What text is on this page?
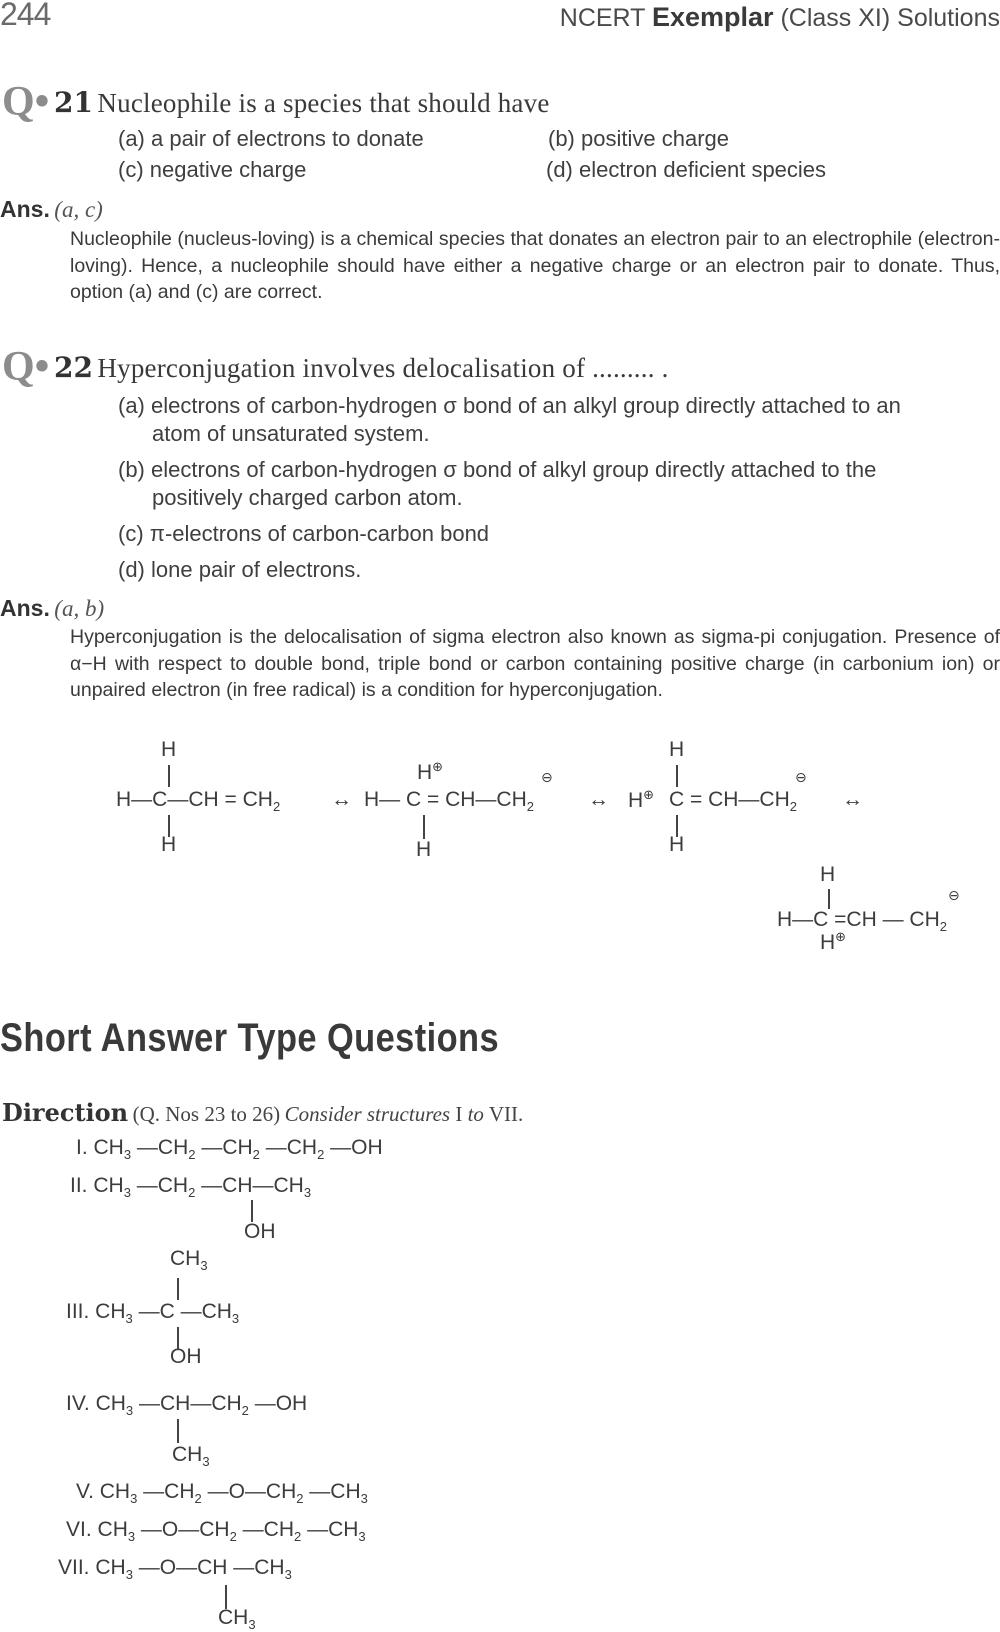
244	NCERT Exemplar (Class XI) Solutions
Q• 21 Nucleophile is a species that should have
(a) a pair of electrons to donate	(b) positive charge
(c) negative charge	(d) electron deficient species
Ans. (a, c)
Nucleophile (nucleus-loving) is a chemical species that donates an electron pair to an electrophile (electron-loving). Hence, a nucleophile should have either a negative charge or an electron pair to donate. Thus, option (a) and (c) are correct.
Q• 22 Hyperconjugation involves delocalisation of ......... .
(a) electrons of carbon-hydrogen σ bond of an alkyl group directly attached to an
atom of unsaturated system.
(b) electrons of carbon-hydrogen σ bond of alkyl group directly attached to the
positively charged carbon atom.
(c) π-electrons of carbon-carbon bond
(d) lone pair of electrons.
Ans. (a, b)
Hyperconjugation is the delocalisation of sigma electron also known as sigma-pi conjugation. Presence of α−H with respect to double bond, triple bond or carbon containing positive charge (in carbonium ion) or unpaired electron (in free radical) is a condition for hyperconjugation.
H
H—C—CH = $CH_2$
H
↔
H⊕
H— $C = CH—CH_2$
⊖
H
↔
H
H⊕ $C = CH—CH_2$
⊖
H
↔
H
H—C =CH — $CH_2$
⊖
H⊕
Short Answer Type Questions
Direction (Q. Nos 23 to 26) Consider structures I to VII.
I. $CH_3$ $—CH_2$ $—CH_2$ $—CH_2$ —OH
II. $CH_3$ $—CH_2$ $—CH—CH_3$
OH
$CH_3$
III. $CH_3$ —C $—CH_3$
OH
IV. $CH_3$ $—CH—CH_2$ —OH
$CH_3$
V. $CH_3$ $—CH_2$ $—O—CH_2$ $—CH_3$
VI. $CH_3$ $—O—CH_2$ $—CH_2$ $—CH_3$
VII. $CH_3$ —O—CH $—CH_3$
$CH_3$
